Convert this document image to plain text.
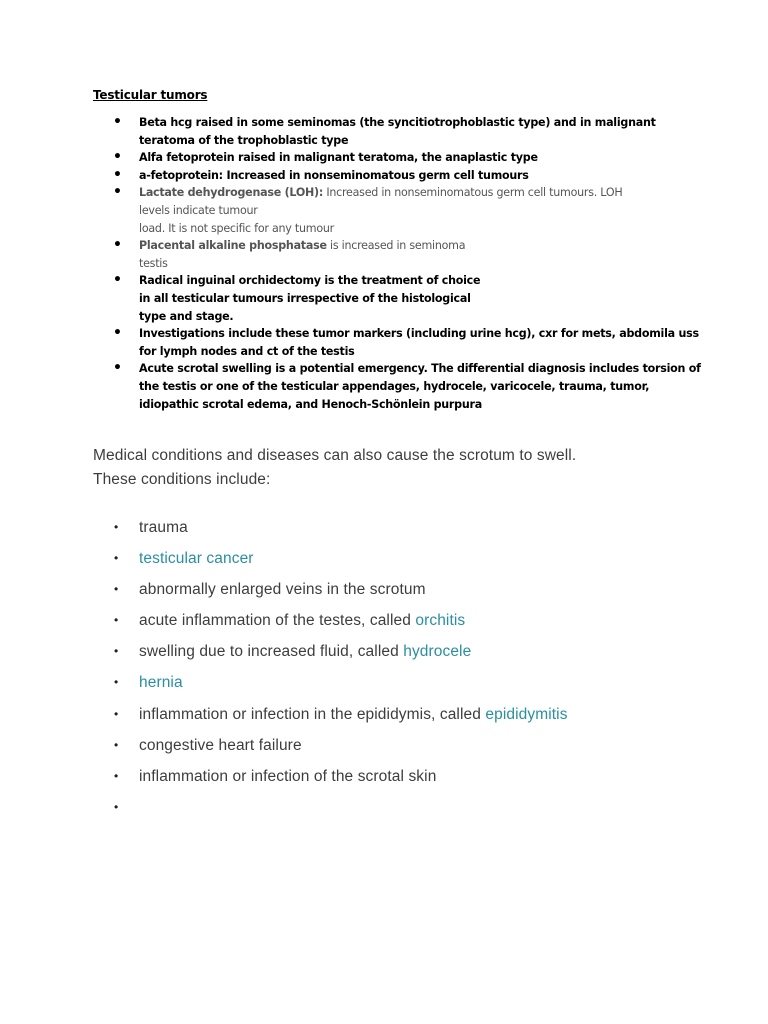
Testicular tumors

• Beta hcg raised in some seminomas (the syncitiotrophoblastic type) and in malignant
teratoma of the trophoblastic type
• Alfa fetoprotein raised in malignant teratoma, the anaplastic type
• a-fetoprotein: Increased in nonseminomatous germ cell tumours
• Lactate dehydrogenase (LOH): Increased in nonseminomatous germ cell tumours. LOH
levels indicate tumour
load. It is not specific for any tumour
• Placental alkaline phosphatase is increased in seminoma
testis
• Radical inguinal orchidectomy is the treatment of choice
in all testicular tumours irrespective of the histological
type and stage.
• Investigations include these tumor markers (including urine hcg), cxr for mets, abdomila uss
for lymph nodes and ct of the testis
• Acute scrotal swelling is a potential emergency. The differential diagnosis includes torsion of
the testis or one of the testicular appendages, hydrocele, varicocele, trauma, tumor,
idiopathic scrotal edema, and Henoch-Schönlein purpura

Medical conditions and diseases can also cause the scrotum to swell.
These conditions include:

• trauma
• testicular cancer
• abnormally enlarged veins in the scrotum
• acute inflammation of the testes, called orchitis
• swelling due to increased fluid, called hydrocele
• hernia
• inflammation or infection in the epididymis, called epididymitis
• congestive heart failure
• inflammation or infection of the scrotal skin
•
